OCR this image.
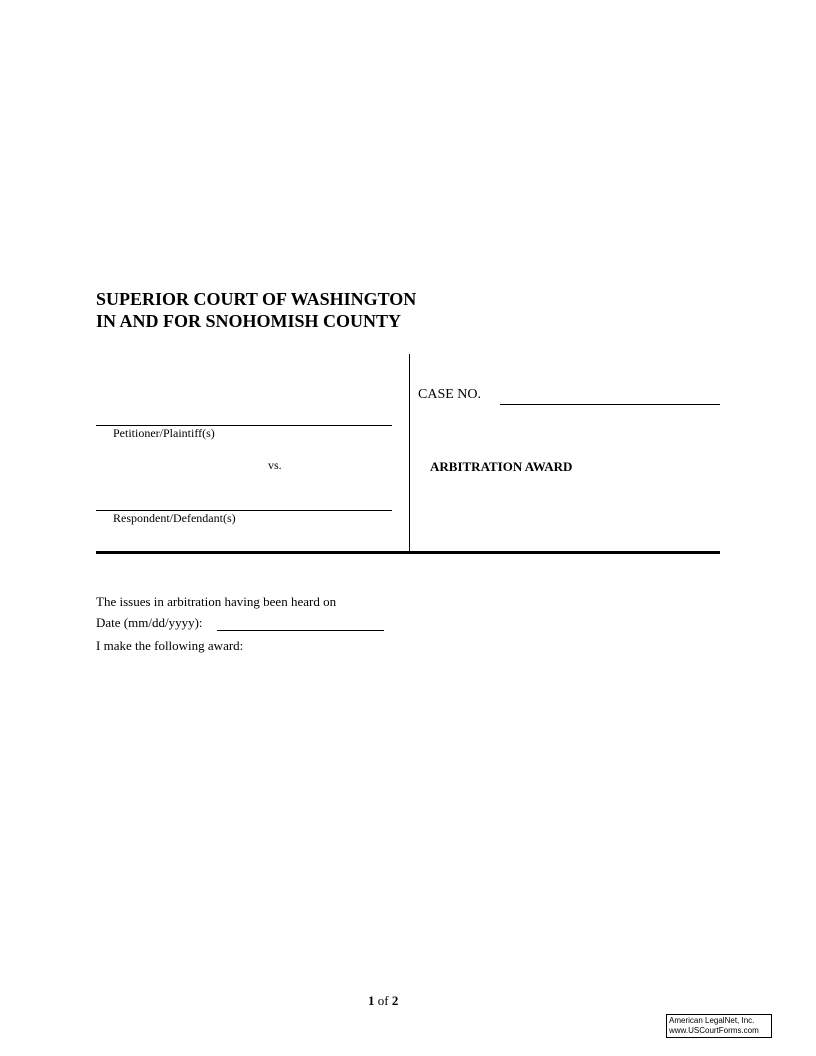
SUPERIOR COURT OF WASHINGTON
IN AND FOR SNOHOMISH COUNTY
Petitioner/Plaintiff(s)
vs.
Respondent/Defendant(s)
CASE NO.
ARBITRATION AWARD
The issues in arbitration having been heard on
Date (mm/dd/yyyy):
I make the following award:
1 of 2
American LegalNet, Inc.
www.USCourtForms.com
